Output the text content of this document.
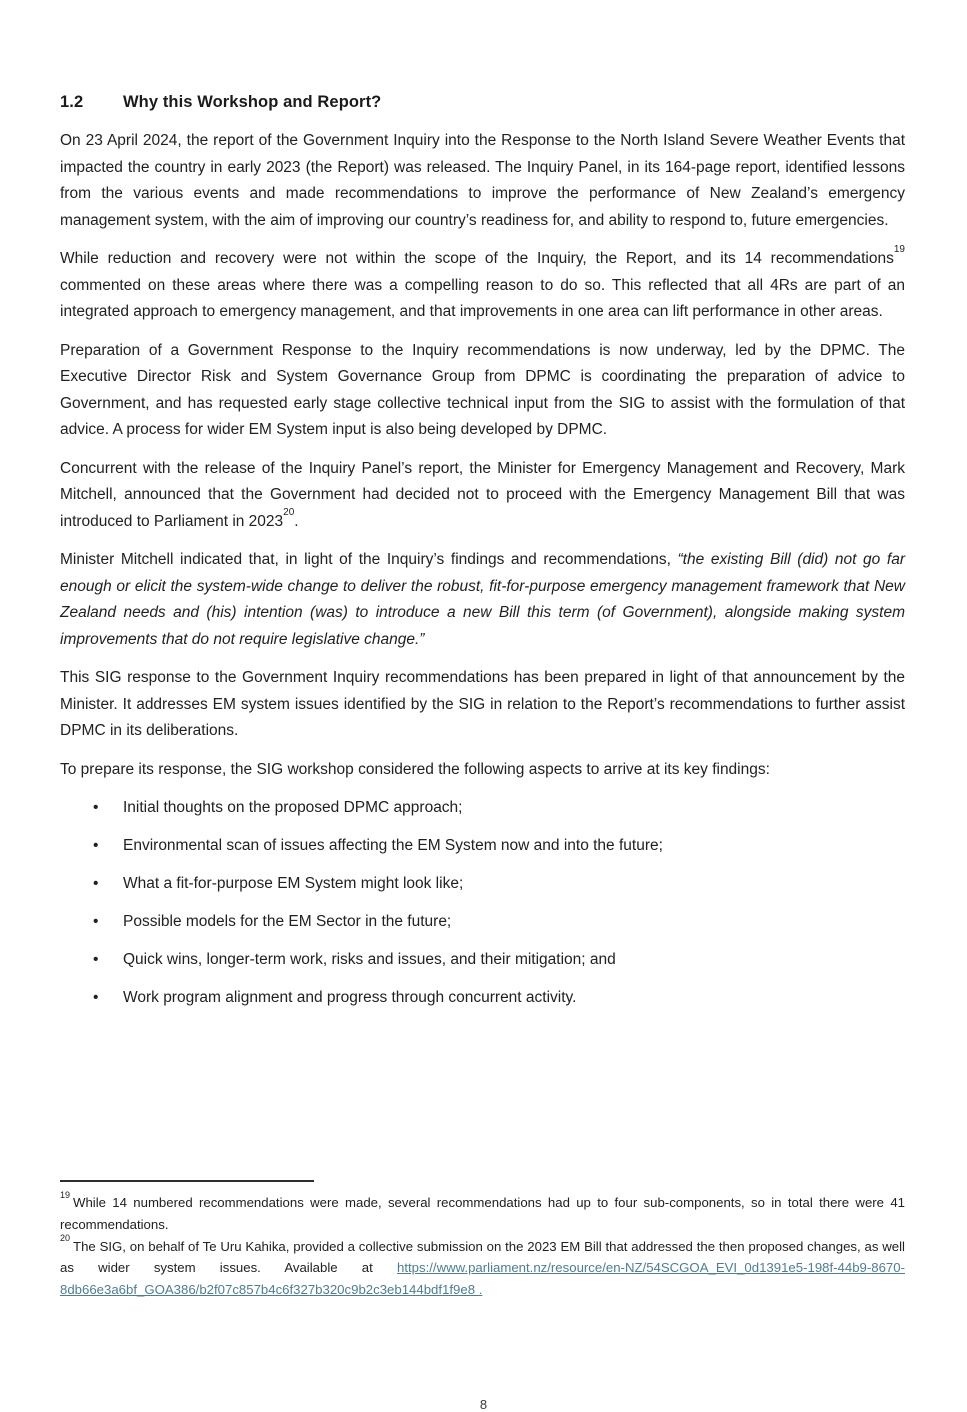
1.2	Why this Workshop and Report?

On 23 April 2024, the report of the Government Inquiry into the Response to the North Island Severe Weather Events that impacted the country in early 2023 (the Report) was released. The Inquiry Panel, in its 164-page report, identified lessons from the various events and made recommendations to improve the performance of New Zealand’s emergency management system, with the aim of improving our country’s readiness for, and ability to respond to, future emergencies.

While reduction and recovery were not within the scope of the Inquiry, the Report, and its 14 recommendations$^{19}$ commented on these areas where there was a compelling reason to do so. This reflected that all 4Rs are part of an integrated approach to emergency management, and that improvements in one area can lift performance in other areas.

Preparation of a Government Response to the Inquiry recommendations is now underway, led by the DPMC. The Executive Director Risk and System Governance Group from DPMC is coordinating the preparation of advice to Government, and has requested early stage collective technical input from the SIG to assist with the formulation of that advice. A process for wider EM System input is also being developed by DPMC.

Concurrent with the release of the Inquiry Panel’s report, the Minister for Emergency Management and Recovery, Mark Mitchell, announced that the Government had decided not to proceed with the Emergency Management Bill that was introduced to Parliament in 2023$^{20}$.

Minister Mitchell indicated that, in light of the Inquiry’s findings and recommendations, “the existing Bill (did) not go far enough or elicit the system-wide change to deliver the robust, fit-for-purpose emergency management framework that New Zealand needs and (his) intention (was) to introduce a new Bill this term (of Government), alongside making system improvements that do not require legislative change.”

This SIG response to the Government Inquiry recommendations has been prepared in light of that announcement by the Minister. It addresses EM system issues identified by the SIG in relation to the Report’s recommendations to further assist DPMC in its deliberations.

To prepare its response, the SIG workshop considered the following aspects to arrive at its key findings:

• Initial thoughts on the proposed DPMC approach;
• Environmental scan of issues affecting the EM System now and into the future;
• What a fit-for-purpose EM System might look like;
• Possible models for the EM Sector in the future;
• Quick wins, longer-term work, risks and issues, and their mitigation; and
• Work program alignment and progress through concurrent activity.

$^{19}$While 14 numbered recommendations were made, several recommendations had up to four sub-components, so in total there were 41 recommendations.

$^{20}$The SIG, on behalf of Te Uru Kahika, provided a collective submission on the 2023 EM Bill that addressed the then proposed changes, as well as wider system issues. Available at https://www.parliament.nz/resource/en-NZ/54SCGOA_EVI_0d1391e5-198f-44b9-8670-8db66e3a6bf_GOA386/b2f07c857b4c6f327b320c9b2c3eb144bdf1f9e8 .

8
